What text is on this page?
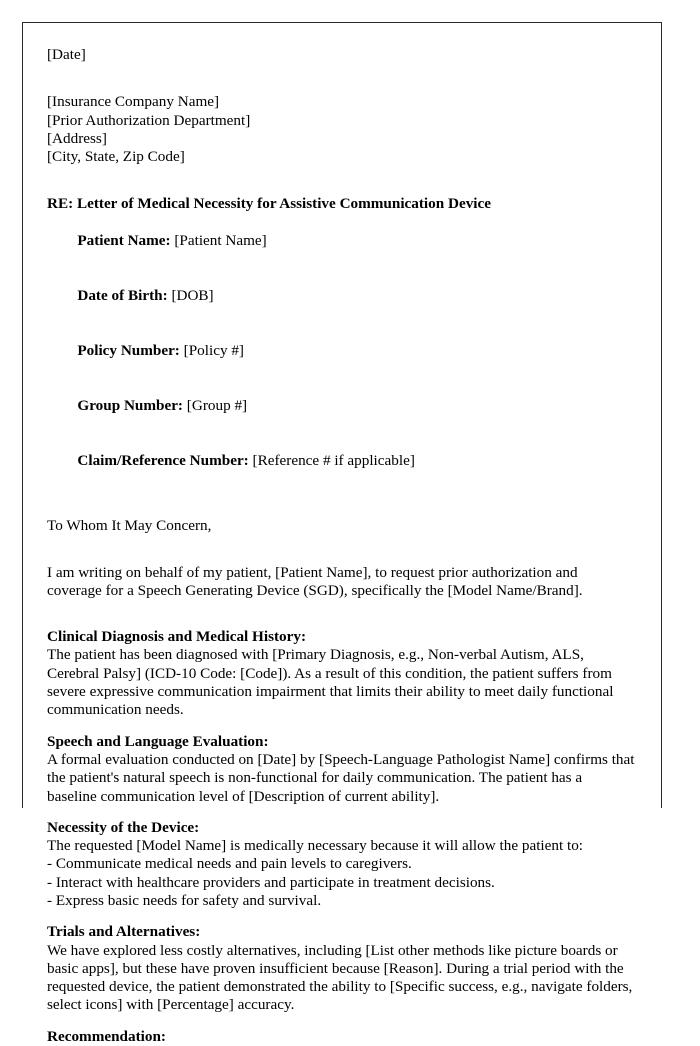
[Date]
[Insurance Company Name]
[Prior Authorization Department]
[Address]
[City, State, Zip Code]
RE: Letter of Medical Necessity for Assistive Communication Device

Patient Name: [Patient Name]

Date of Birth: [DOB]

Policy Number: [Policy #]

Group Number: [Group #]

Claim/Reference Number: [Reference # if applicable]

To Whom It May Concern,
I am writing on behalf of my patient, [Patient Name], to request prior authorization and coverage for a Speech Generating Device (SGD), specifically the [Model Name/Brand].
Clinical Diagnosis and Medical History:
The patient has been diagnosed with [Primary Diagnosis, e.g., Non-verbal Autism, ALS, Cerebral Palsy] (ICD-10 Code: [Code]). As a result of this condition, the patient suffers from severe expressive communication impairment that limits their ability to meet daily functional communication needs.
Speech and Language Evaluation:
A formal evaluation conducted on [Date] by [Speech-Language Pathologist Name] confirms that the patient's natural speech is non-functional for daily communication. The patient has a baseline communication level of [Description of current ability].
Necessity of the Device:
The requested [Model Name] is medically necessary because it will allow the patient to:
- Communicate medical needs and pain levels to caregivers.
- Interact with healthcare providers and participate in treatment decisions.
- Express basic needs for safety and survival.
Trials and Alternatives:
We have explored less costly alternatives, including [List other methods like picture boards or basic apps], but these have proven insufficient because [Reason]. During a trial period with the requested device, the patient demonstrated the ability to [Specific success, e.g., navigate folders, select icons] with [Percentage] accuracy.
Recommendation:
